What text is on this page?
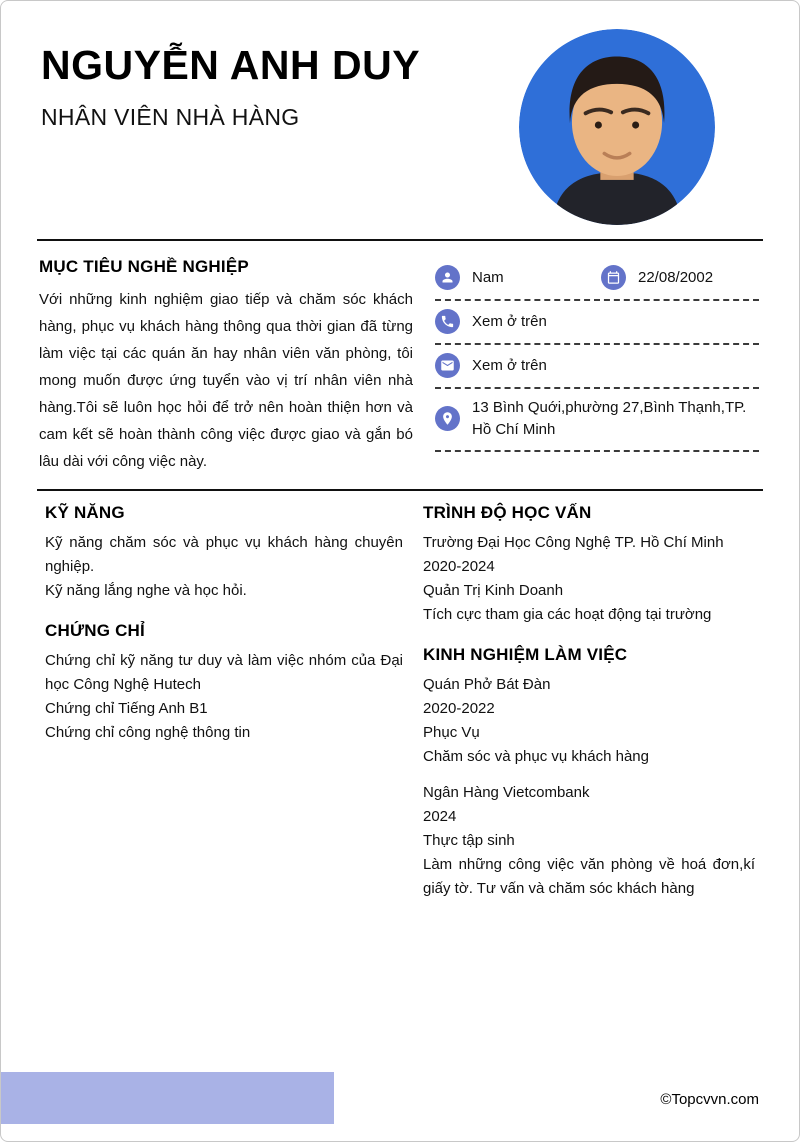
NGUYỄN ANH DUY
NHÂN VIÊN NHÀ HÀNG
MỤC TIÊU NGHỀ NGHIỆP

Với những kinh nghiệm giao tiếp và chăm sóc khách hàng, phục vụ khách hàng thông qua thời gian đã từng làm việc tại các quán ăn hay nhân viên văn phòng, tôi mong muốn được ứng tuyển vào vị trí nhân viên nhà hàng.Tôi sẽ luôn học hỏi để trở nên hoàn thiện hơn và cam kết sẽ hoàn thành công việc được giao và gắn bó lâu dài với công việc này.

Nam	22/08/2002
Xem ở trên
Xem ở trên
13 Bình Quới,phường 27,Bình Thạnh,TP. Hồ Chí Minh
KỸ NĂNG

Kỹ năng chăm sóc và phục vụ khách hàng chuyên nghiệp.

Kỹ năng lắng nghe và học hỏi.

CHỨNG CHỈ

Chứng chỉ kỹ năng tư duy và làm việc nhóm của Đại học Công Nghệ Hutech

Chứng chỉ Tiếng Anh B1

Chứng chỉ công nghệ thông tin

TRÌNH ĐỘ HỌC VẤN

Trường Đại Học Công Nghệ TP. Hồ Chí Minh

2020-2024

Quản Trị Kinh Doanh

Tích cực tham gia các hoạt động tại trường

KINH NGHIỆM LÀM VIỆC

Quán Phở Bát Đàn

2020-2022

Phục Vụ

Chăm sóc và phục vụ khách hàng

Ngân Hàng Vietcombank

2024

Thực tập sinh

Làm những công việc văn phòng về hoá đơn,kí giấy tờ. Tư vấn và chăm sóc khách hàng

©Topcvvn.com
